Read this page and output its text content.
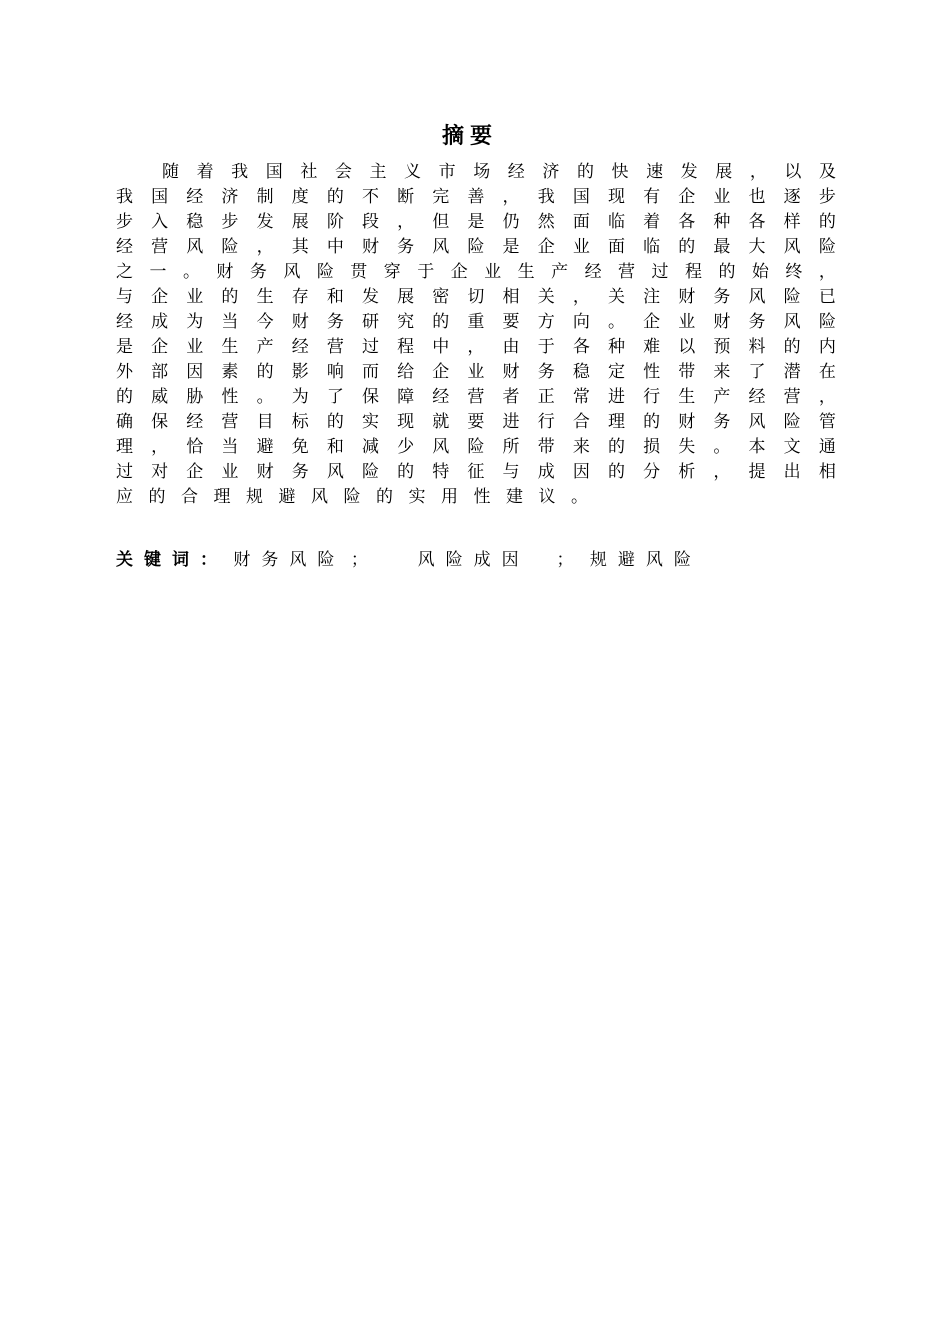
摘要
随 着 我 国 社 会 主 义 市 场 经 济 的 快 速 发 展 ， 以 及
我 国 经 济 制 度 的 不 断 完 善 ， 我 国 现 有 企 业 也 逐 步
步 入 稳 步 发 展 阶 段 ， 但 是 仍 然 面 临 着 各 种 各 样 的
经 营 风 险 ， 其 中 财 务 风 险 是 企 业 面 临 的 最 大 风 险
之 一 。 财 务 风 险 贯 穿 于 企 业 生 产 经 营 过 程 的 始 终 ，
与 企 业 的 生 存 和 发 展 密 切 相 关 ， 关 注 财 务 风 险 已
经 成 为 当 今 财 务 研 究 的 重 要 方 向 。 企 业 财 务 风 险
是 企 业 生 产 经 营 过 程 中 ， 由 于 各 种 难 以 预 料 的 内
外 部 因 素 的 影 响 而 给 企 业 财 务 稳 定 性 带 来 了 潜 在
的 威 胁 性 。 为 了 保 障 经 营 者 正 常 进 行 生 产 经 营 ，
确 保 经 营 目 标 的 实 现 就 要 进 行 合 理 的 财 务 风 险 管
理 ， 恰 当 避 免 和 减 少 风 险 所 带 来 的 损 失 。 本 文 通
过 对 企 业 财 务 风 险 的 特 征 与 成 因 的 分 析 ， 提 出 相
应 的 合 理 规 避 风 险 的 实 用 性 建 议 。
关键词： 财务风险 ； 风险成因 ； 规避风险
